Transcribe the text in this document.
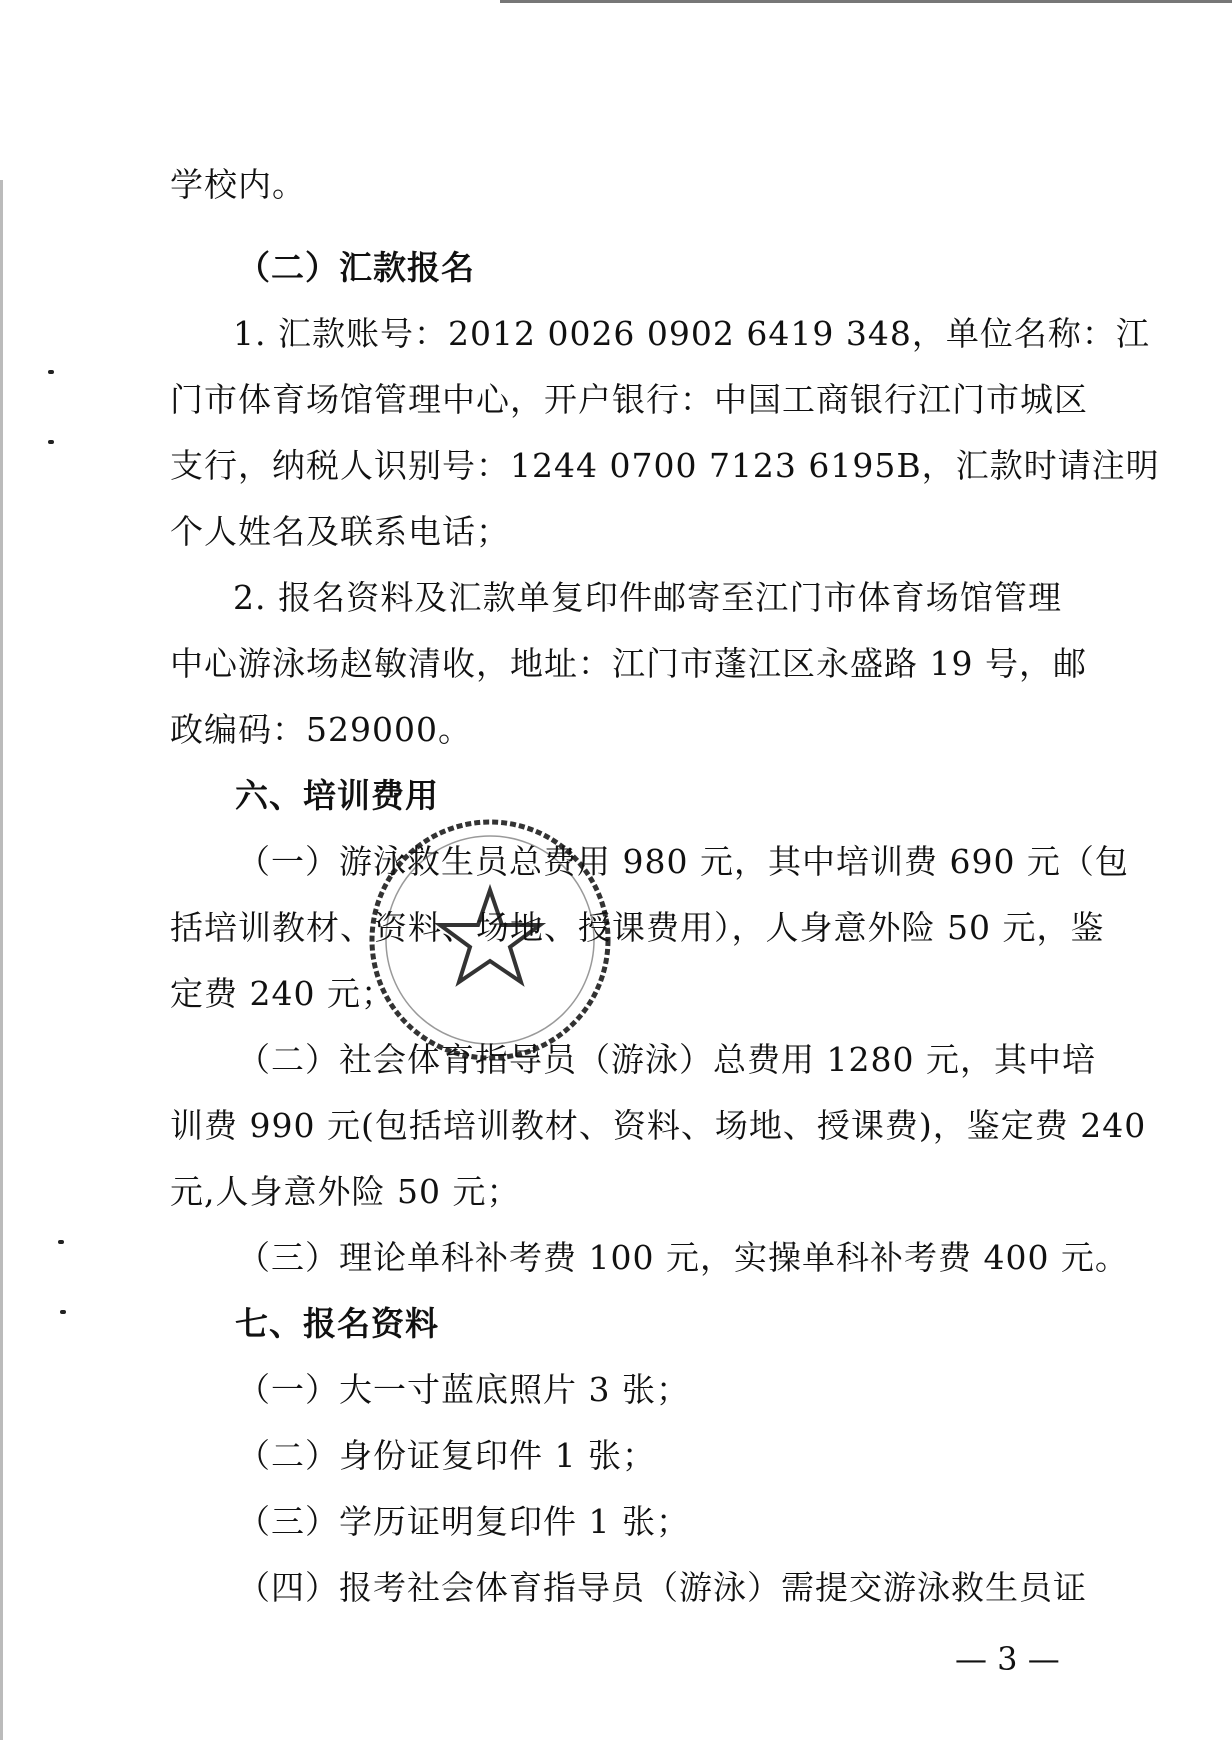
学校内。
（二）汇款报名
1. 汇款账号：2012 0026 0902 6419 348，单位名称：江
门市体育场馆管理中心，开户银行：中国工商银行江门市城区
支行，纳税人识别号：1244 0700 7123 6195B，汇款时请注明
个人姓名及联系电话；
2. 报名资料及汇款单复印件邮寄至江门市体育场馆管理
中心游泳场赵敏清收，地址：江门市蓬江区永盛路 19 号，邮
政编码：529000。
六、培训费用
（一）游泳救生员总费用 980 元，其中培训费 690 元（包
括培训教材、资料、场地、授课费用），人身意外险 50 元，鉴
定费 240 元；
（二）社会体育指导员（游泳）总费用 1280 元，其中培
训费 990 元(包括培训教材、资料、场地、授课费)，鉴定费 240
元,人身意外险 50 元；
（三）理论单科补考费 100 元，实操单科补考费 400 元。
七、报名资料
（一）大一寸蓝底照片 3 张；
（二）身份证复印件 1 张；
（三）学历证明复印件 1 张；
（四）报考社会体育指导员（游泳）需提交游泳救生员证
— 3 —
